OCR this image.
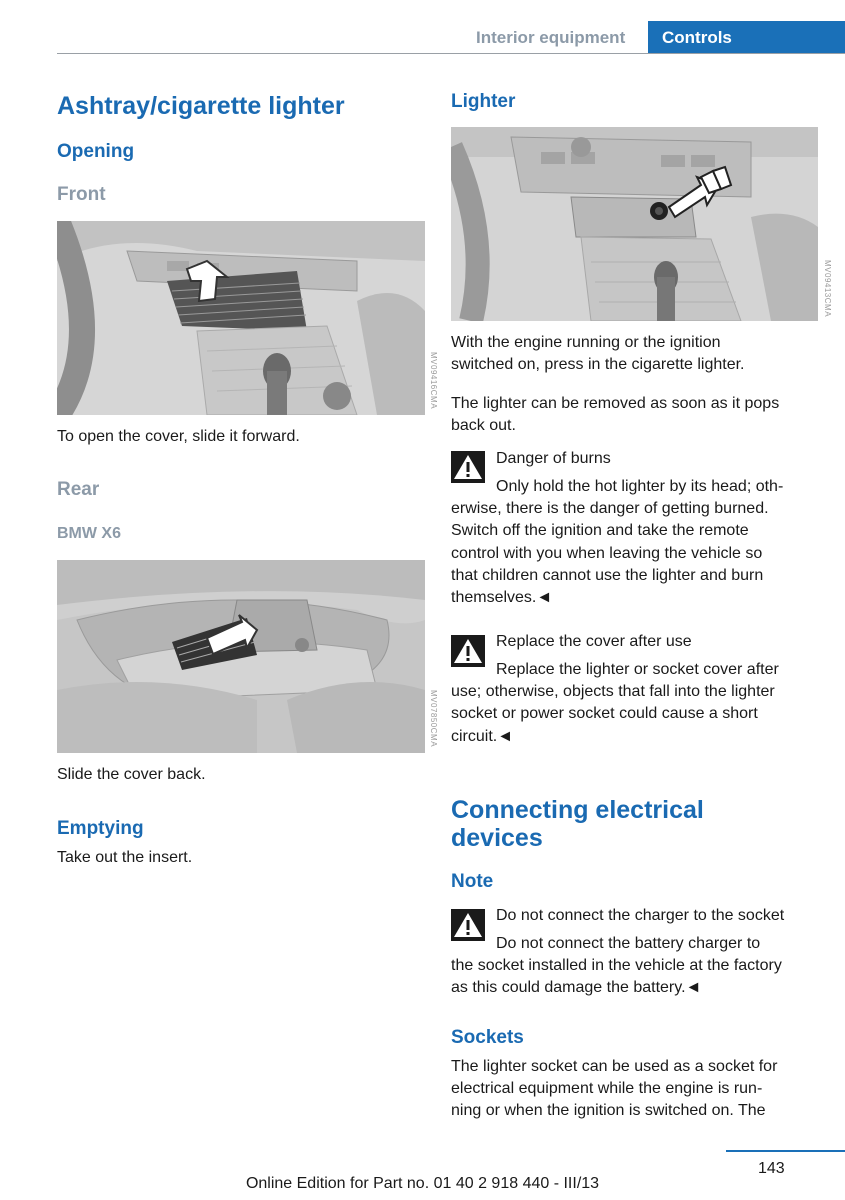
Interior equipment Controls
Ashtray/cigarette lighter
Opening
Front
MV09416CMA
To open the cover, slide it forward.
Rear
BMW X6
MV07850CMA
Slide the cover back.
Emptying
Take out the insert.
Lighter
MV09413CMA
With the engine running or the ignition
switched on, press in the cigarette lighter.
The lighter can be removed as soon as it pops
back out.
Danger of burns
Only hold the hot lighter by its head; oth-
erwise, there is the danger of getting burned.
Switch off the ignition and take the remote
control with you when leaving the vehicle so
that children cannot use the lighter and burn
themselves.◄
Replace the cover after use
Replace the lighter or socket cover after
use; otherwise, objects that fall into the lighter
socket or power socket could cause a short
circuit.◄
Connecting electrical
devices
Note
Do not connect the charger to the socket
Do not connect the battery charger to
the socket installed in the vehicle at the factory
as this could damage the battery.◄
Sockets
The lighter socket can be used as a socket for
electrical equipment while the engine is run-
ning or when the ignition is switched on. The
143
Online Edition for Part no. 01 40 2 918 440 - III/13
